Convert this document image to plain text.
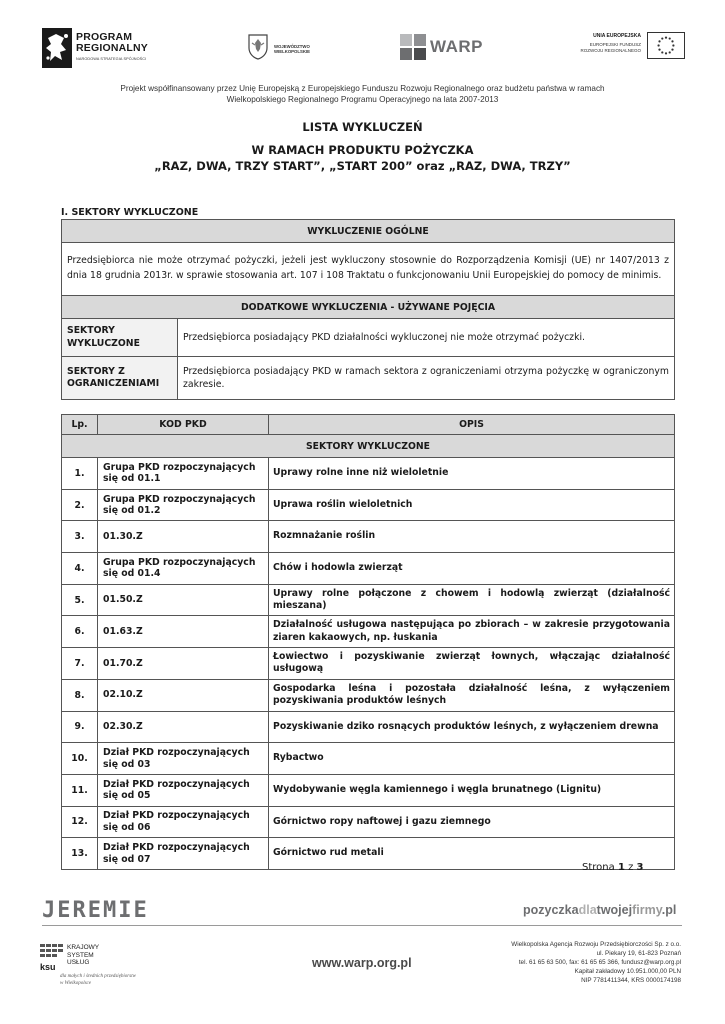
PROGRAM
REGIONALNY
NARODOWA STRATEGIA SPÓJNOŚCI
WOJEWÓDZTWO
WIELKOPOLSKIE	WARP
UNIA EUROPEJSKA
EUROPEJSKI FUNDUSZ
ROZWOJU REGIONALNEGO
Projekt współfinansowany przez Unię Europejską z Europejskiego Funduszu Rozwoju Regionalnego oraz budżetu państwa w ramach
Wielkopolskiego Regionalnego Programu Operacyjnego na lata 2007-2013
LISTA WYKLUCZEŃ
W RAMACH PRODUKTU POŻYCZKA
„RAZ, DWA, TRZY START”, „START 200” oraz „RAZ, DWA, TRZY”
I. SEKTORY WYKLUCZONE
WYKLUCZENIE OGÓLNE	
Przedsiębiorca nie może otrzymać pożyczki, jeżeli jest wykluczony stosownie do Rozporządzenia Komisji (UE) nr 1407/2013 z dnia 18 grudnia 2013r. w sprawie stosowania art. 107 i 108 Traktatu o funkcjonowaniu Unii Europejskiej do pomocy de minimis.	
DODATKOWE WYKLUCZENIA - UŻYWANE POJĘCIA	
SEKTORY WYKLUCZONE	Przedsiębiorca posiadający PKD działalności wykluczonej nie może otrzymać pożyczki.
SEKTORY Z OGRANICZENIAMI	Przedsiębiorca posiadający PKD w ramach sektora z ograniczeniami otrzyma pożyczkę w ograniczonym zakresie.
Lp.	KOD PKD	OPIS
SEKTORY WYKLUCZONE		
1.	Grupa PKD rozpoczynających się od 01.1	Uprawy rolne inne niż wieloletnie
2.	Grupa PKD rozpoczynających się od 01.2	Uprawa roślin wieloletnich
3.	01.30.Z	Rozmnażanie roślin
4.	Grupa PKD rozpoczynających się od 01.4	Chów i hodowla zwierząt
5.	01.50.Z	Uprawy rolne połączone z chowem i hodowlą zwierząt (działalność mieszana)
6.	01.63.Z	Działalność usługowa następująca po zbiorach – w zakresie przygotowania ziaren kakaowych, np. łuskania
7.	01.70.Z	Łowiectwo i pozyskiwanie zwierząt łownych, włączając działalność usługową
8.	02.10.Z	Gospodarka leśna i pozostała działalność leśna, z wyłączeniem pozyskiwania produktów leśnych
9.	02.30.Z	Pozyskiwanie dziko rosnących produktów leśnych, z wyłączeniem drewna
10.	Dział PKD rozpoczynających się od 03	Rybactwo
11.	Dział PKD rozpoczynających się od 05	Wydobywanie węgla kamiennego i węgla brunatnego (Lignitu)
12.	Dział PKD rozpoczynających się od 06	Górnictwo ropy naftowej i gazu ziemnego
13.	Dział PKD rozpoczynających się od 07	Górnictwo rud metali
Strona 1 z 3
JEREMIE	pozyczkadlatwojejfirmy.pl
ksu
KRAJOWY
SYSTEM
USŁUG
dla małych i średnich przedsiębiorstw
w Wielkopolsce
www.warp.org.pl
Wielkopolska Agencja Rozwoju Przedsiębiorczości Sp. z o.o.
ul. Piekary 19, 61-823 Poznań
tel. 61 65 63 500, fax: 61 65 65 366, fundusz@warp.org.pl
Kapitał zakładowy 10.951.000,00 PLN
NIP 7781411344, KRS 0000174198
